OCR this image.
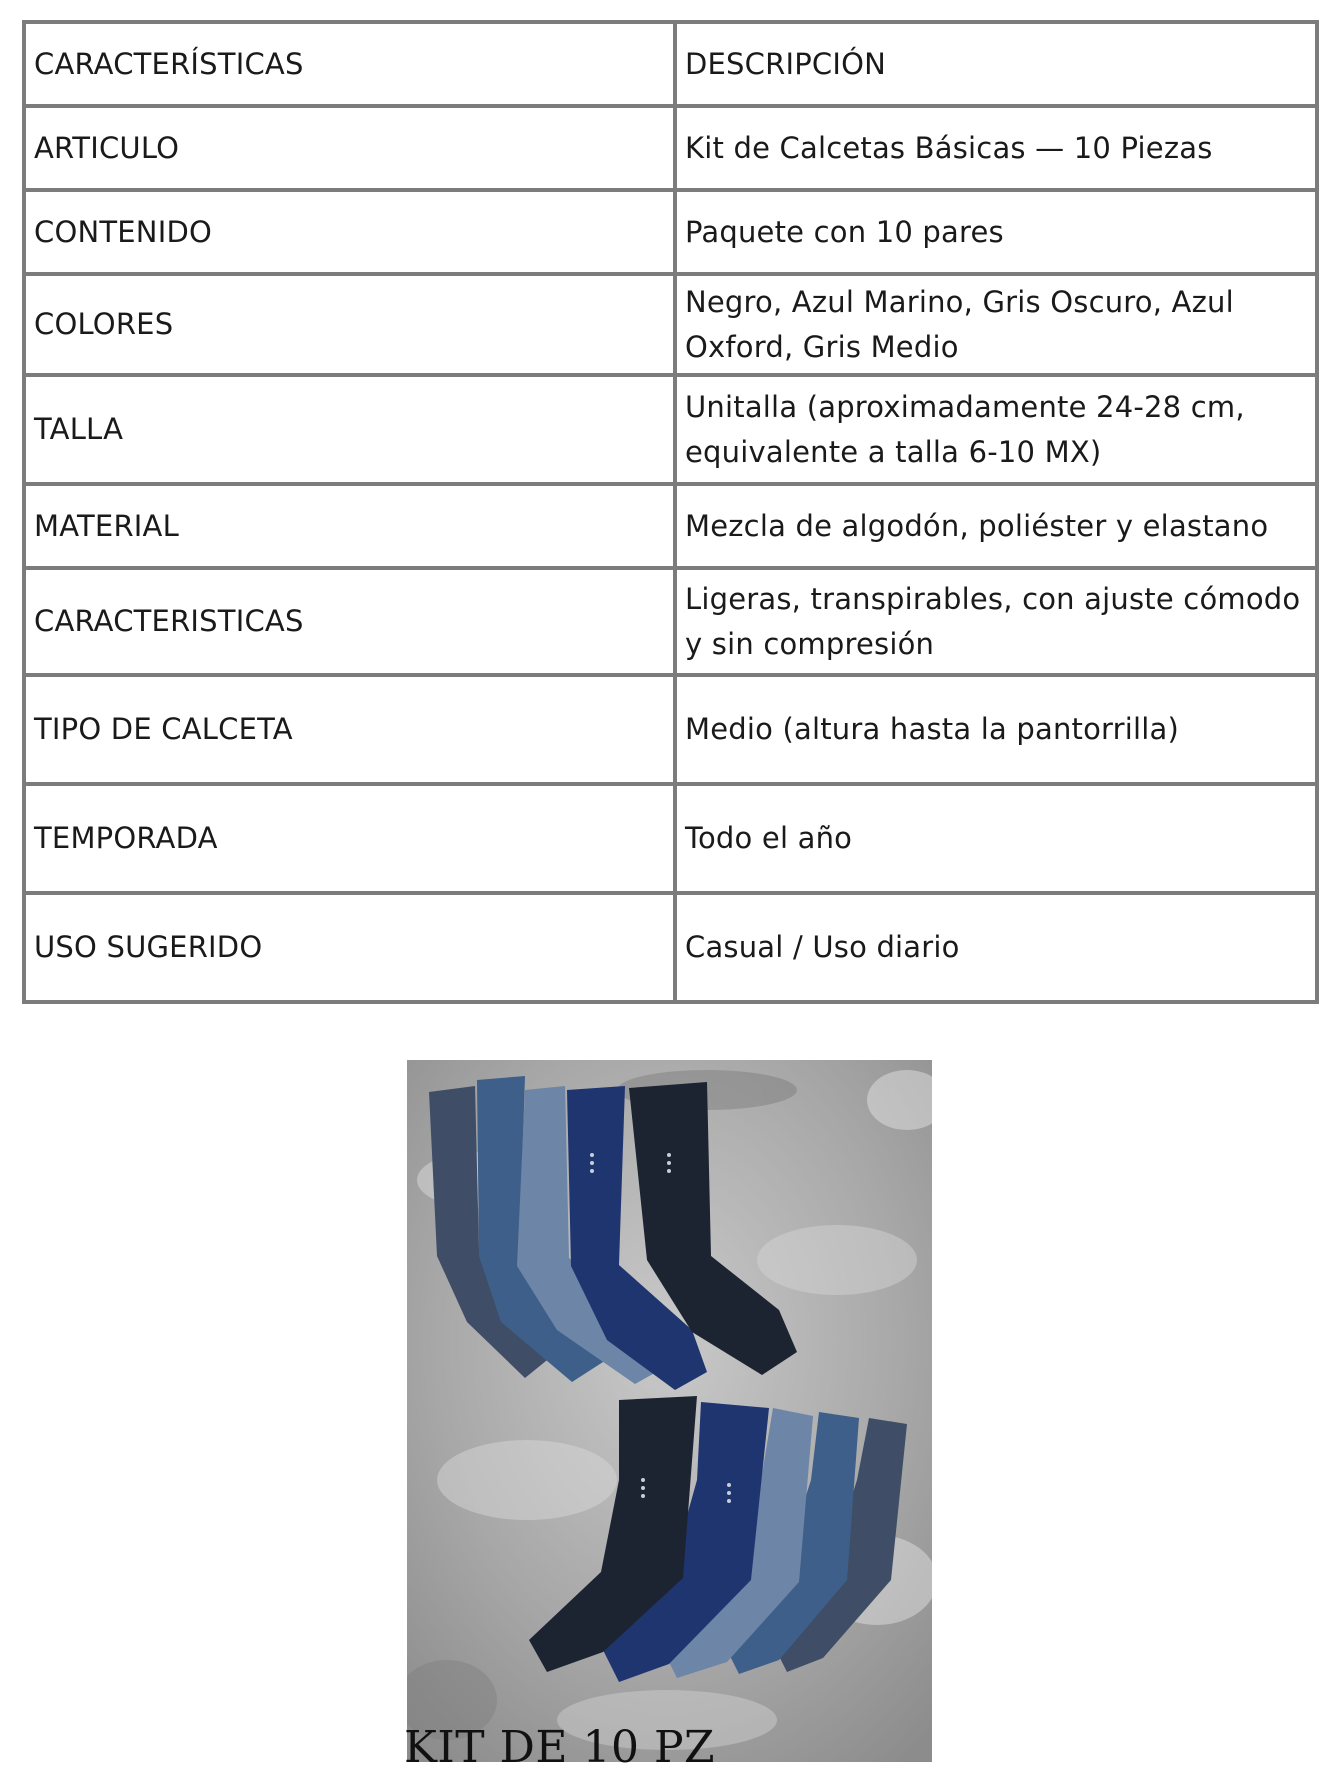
CARACTERÍSTICAS	DESCRIPCIÓN
ARTICULO	Kit de Calcetas Básicas — 10 Piezas
CONTENIDO	Paquete con 10 pares
COLORES	Negro, Azul Marino, Gris Oscuro, Azul Oxford, Gris Medio
TALLA	Unitalla (aproximadamente 24-28 cm, equivalente a talla 6-10 MX)
MATERIAL	Mezcla de algodón, poliéster y elastano
CARACTERISTICAS	Ligeras, transpirables, con ajuste cómodo y sin compresión
TIPO DE CALCETA	Medio (altura hasta la pantorrilla)
TEMPORADA	Todo el año
USO SUGERIDO	Casual / Uso diario
KIT DE 10 PZ
